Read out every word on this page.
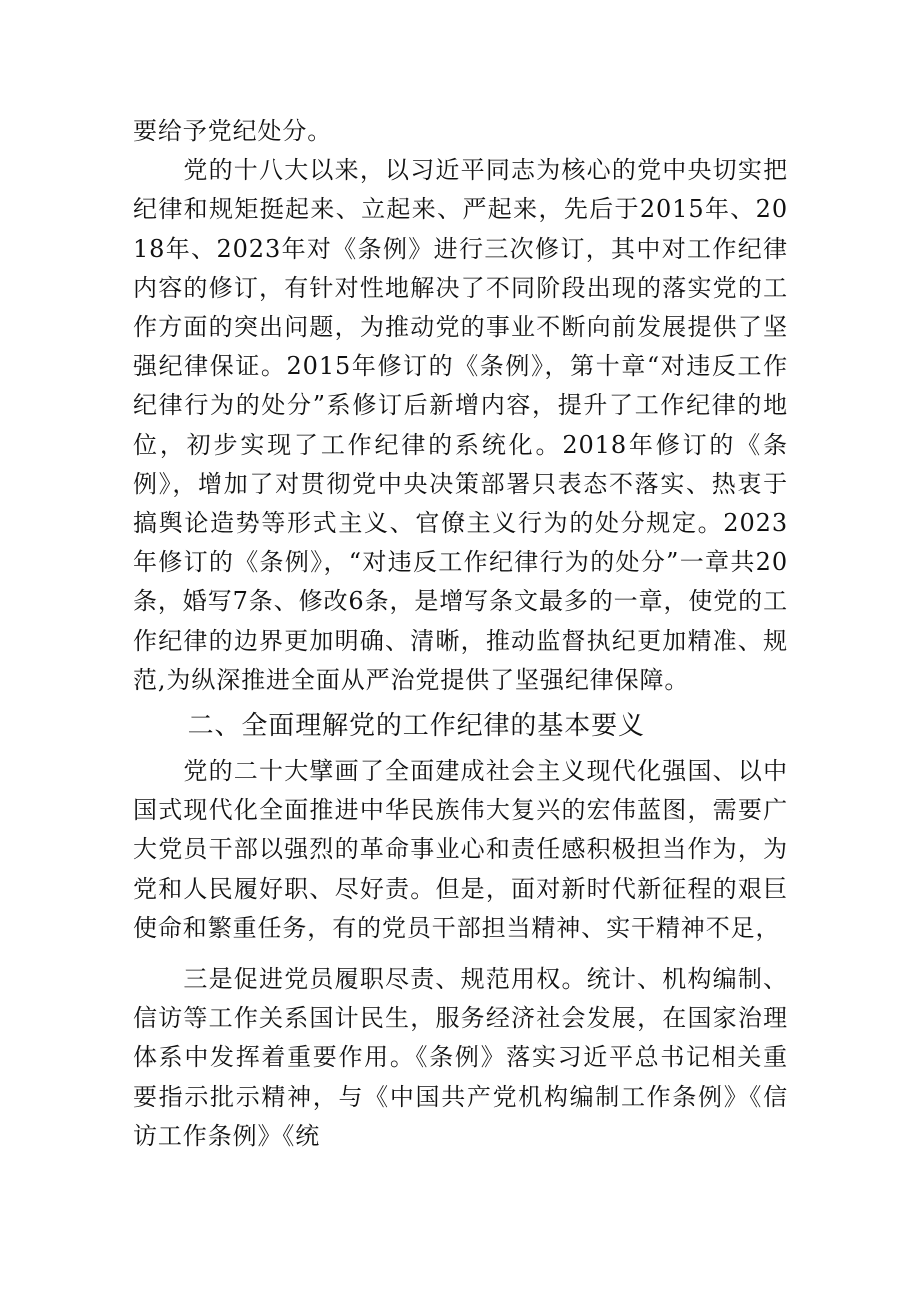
要给予党纪处分。

党的十八大以来，以习近平同志为核心的党中央切实把纪律和规矩挺起来、立起来、严起来，先后于2015年、2018年、2023年对《条例》进行三次修订，其中对工作纪律内容的修订，有针对性地解决了不同阶段出现的落实党的工作方面的突出问题，为推动党的事业不断向前发展提供了坚强纪律保证。2015年修订的《条例》，第十章“对违反工作纪律行为的处分”系修订后新增内容，提升了工作纪律的地位，初步实现了工作纪律的系统化。2018年修订的《条例》，增加了对贯彻党中央决策部署只表态不落实、热衷于搞舆论造势等形式主义、官僚主义行为的处分规定。2023年修订的《条例》，“对违反工作纪律行为的处分”一章共20条，婚写7条、修改6条，是增写条文最多的一章，使党的工作纪律的边界更加明确、清晰，推动监督执纪更加精准、规范,为纵深推进全面从严治党提供了坚强纪律保障。

二、全面理解党的工作纪律的基本要义

党的二十大擘画了全面建成社会主义现代化强国、以中国式现代化全面推进中华民族伟大复兴的宏伟蓝图，需要广大党员干部以强烈的革命事业心和责任感积极担当作为，为党和人民履好职、尽好责。但是，面对新时代新征程的艰巨使命和繁重任务，有的党员干部担当精神、实干精神不足，

三是促进党员履职尽责、规范用权。统计、机构编制、信访等工作关系国计民生，服务经济社会发展，在国家治理体系中发挥着重要作用。《条例》落实习近平总书记相关重要指示批示精神，与《中国共产党机构编制工作条例》《信访工作条例》《统
